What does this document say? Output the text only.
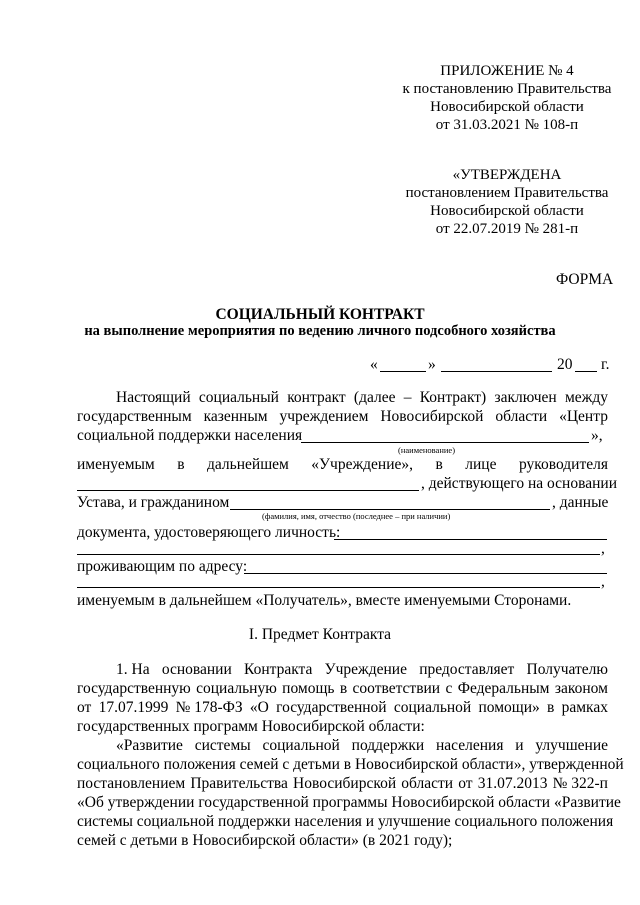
ПРИЛОЖЕНИЕ № 4
к постановлению Правительства
Новосибирской области
от 31.03.2021 № 108-п
«УТВЕРЖДЕНА
постановлением Правительства
Новосибирской области
от 22.07.2019 № 281-п
ФОРМА
СОЦИАЛЬНЫЙ КОНТРАКТ
на выполнение мероприятия по ведению личного подсобного хозяйства
«	»	20 г.
Настоящий социальный контракт (далее – Контракт) заключен между
государственным казенным учреждением Новосибирской области «Центр
социальной поддержки населения	»,
(наименование)
именуемым в дальнейшем «Учреждение», в лице руководителя
, действующего на основании
Устава, и гражданином	, данные
(фамилия, имя, отчество (последнее – при наличии)
документа, удостоверяющего личность:
,
проживающим по адресу:
,
именуемым в дальнейшем «Получатель», вместе именуемыми Сторонами.
I. Предмет Контракта
1. На основании Контракта Учреждение предоставляет Получателю
государственную социальную помощь в соответствии с Федеральным законом
от 17.07.1999 № 178-ФЗ «О государственной социальной помощи» в рамках
государственных программ Новосибирской области:
«Развитие системы социальной поддержки населения и улучшение
социального положения семей с детьми в Новосибирской области», утвержденной
постановлением Правительства Новосибирской области от 31.07.2013 № 322-п
«Об утверждении государственной программы Новосибирской области «Развитие
системы социальной поддержки населения и улучшение социального положения
семей с детьми в Новосибирской области» (в 2021 году);
